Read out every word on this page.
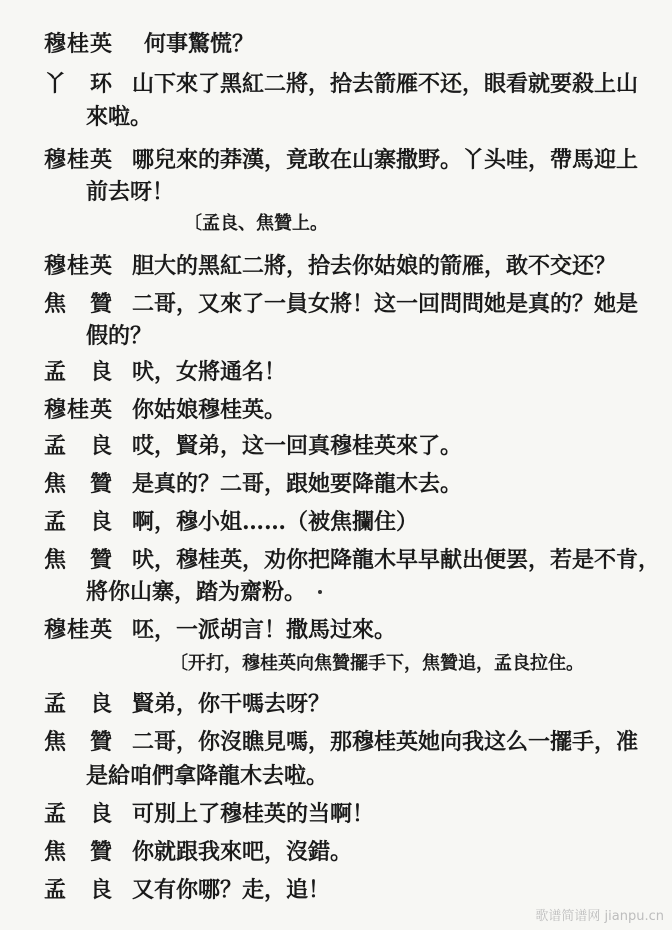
穆桂英 何事驚慌？
丫　环 山下來了黑紅二將，拾去箭雁不还，眼看就要殺上山
來啦。
穆桂英 哪兒來的莽漢，竟敢在山寨撒野。丫头哇，帶馬迎上
前去呀！
〔孟良、焦贊上。
穆桂英 胆大的黑紅二將，拾去你姑娘的箭雁，敢不交还？
焦　贊 二哥，又來了一員女將！这一回問問她是真的？她是
假的？
孟　良 吠，女將通名！
穆桂英 你姑娘穆桂英。
孟　良 哎，賢弟，这一回真穆桂英來了。
焦　贊 是真的？二哥，跟她要降龍木去。
孟　良 啊，穆小姐……（被焦攔住）
焦　贊 吠，穆桂英，劝你把降龍木早早献出便罢，若是不肯，
將你山寨，踏为齋粉。
穆桂英 呸，一派胡言！撒馬过來。
〔开打，穆桂英向焦贊擺手下，焦贊追，孟良拉住。
孟　良 賢弟，你干嗎去呀？
焦　贊 二哥，你沒瞧見嗎，那穆桂英她向我这么一擺手，准
是給咱們拿降龍木去啦。
孟　良 可別上了穆桂英的当啊！
焦　贊 你就跟我來吧，沒錯。
孟　良 又有你哪？走，追！
歌谱简谱网 jianpu.cn
